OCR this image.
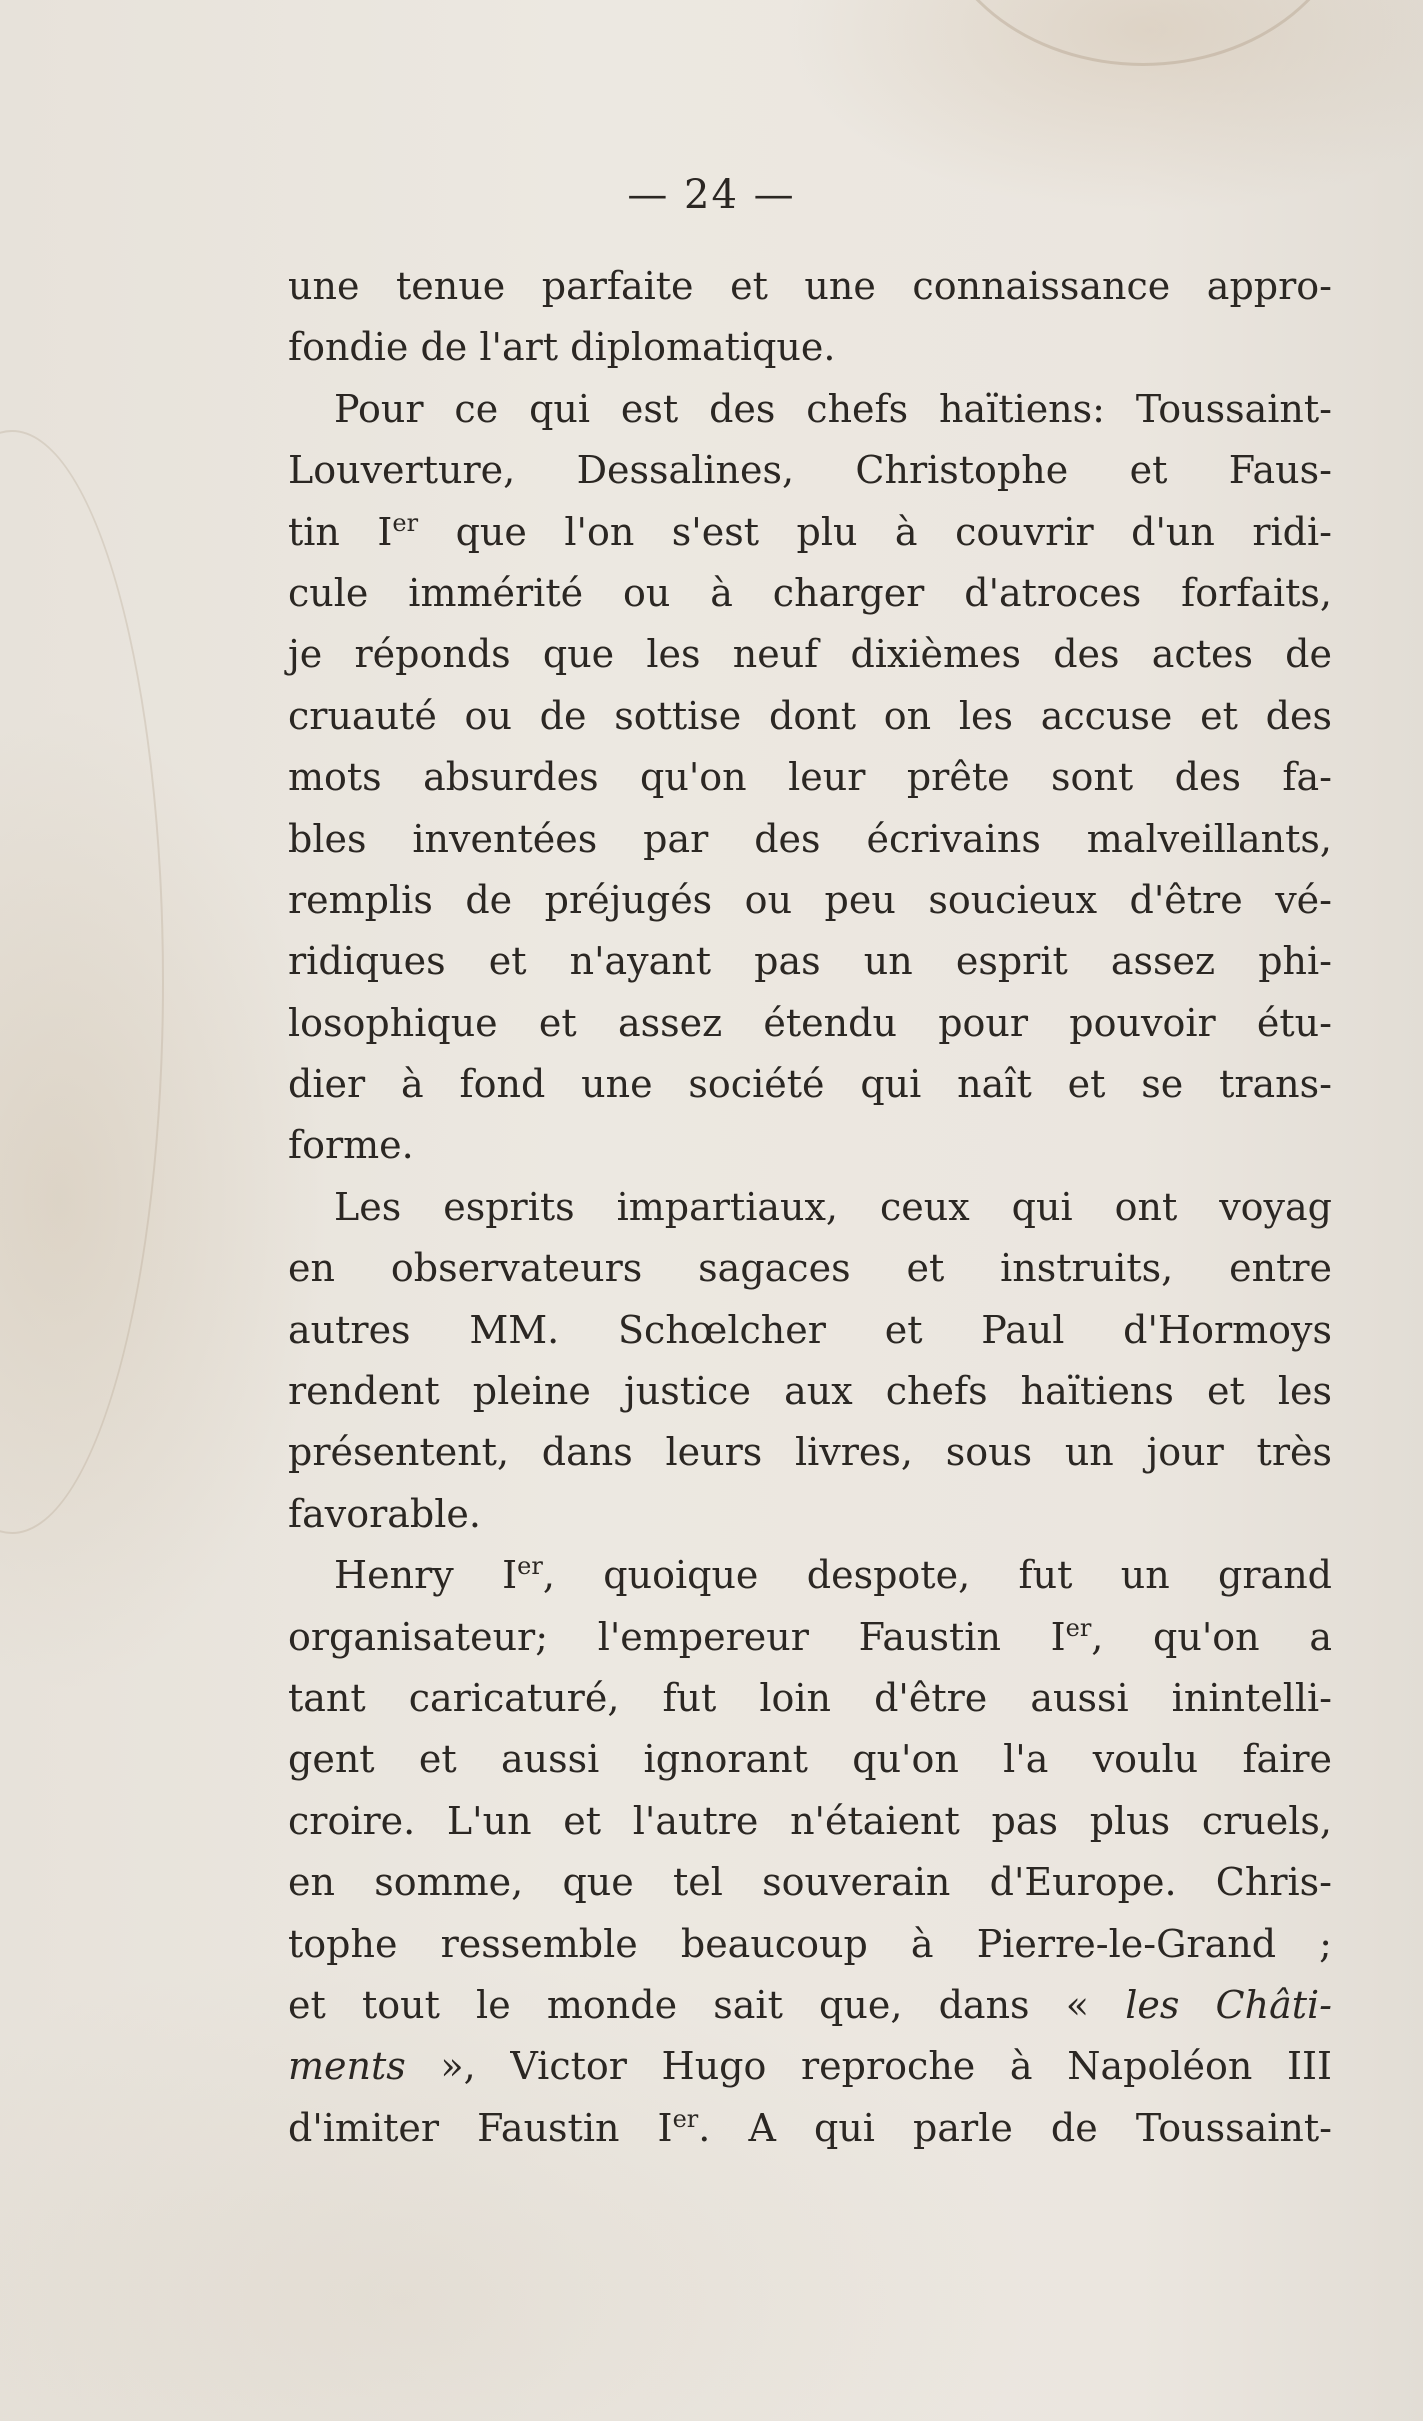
— 24 —
une tenue parfaite et une connaissance appro-
fondie de l'art diplomatique.
Pour ce qui est des chefs haïtiens: Toussaint-
Louverture, Dessalines, Christophe et Faus-
tin Ier que l'on s'est plu à couvrir d'un ridi-
cule immérité ou à charger d'atroces forfaits,
je réponds que les neuf dixièmes des actes de
cruauté ou de sottise dont on les accuse et des
mots absurdes qu'on leur prête sont des fa-
bles inventées par des écrivains malveillants,
remplis de préjugés ou peu soucieux d'être vé-
ridiques et n'ayant pas un esprit assez phi-
losophique et assez étendu pour pouvoir étu-
dier à fond une société qui naît et se trans-
forme.
Les esprits impartiaux, ceux qui ont voyag
en observateurs sagaces et instruits, entre
autres MM. Schœlcher et Paul d'Hormoys
rendent pleine justice aux chefs haïtiens et les
présentent, dans leurs livres, sous un jour très
favorable.
Henry Ier, quoique despote, fut un grand
organisateur; l'empereur Faustin Ier, qu'on a
tant caricaturé, fut loin d'être aussi inintelli-
gent et aussi ignorant qu'on l'a voulu faire
croire. L'un et l'autre n'étaient pas plus cruels,
en somme, que tel souverain d'Europe. Chris-
tophe ressemble beaucoup à Pierre-le-Grand ;
et tout le monde sait que, dans « les Châti-
ments », Victor Hugo reproche à Napoléon III
d'imiter Faustin Ier. A qui parle de Toussaint-
